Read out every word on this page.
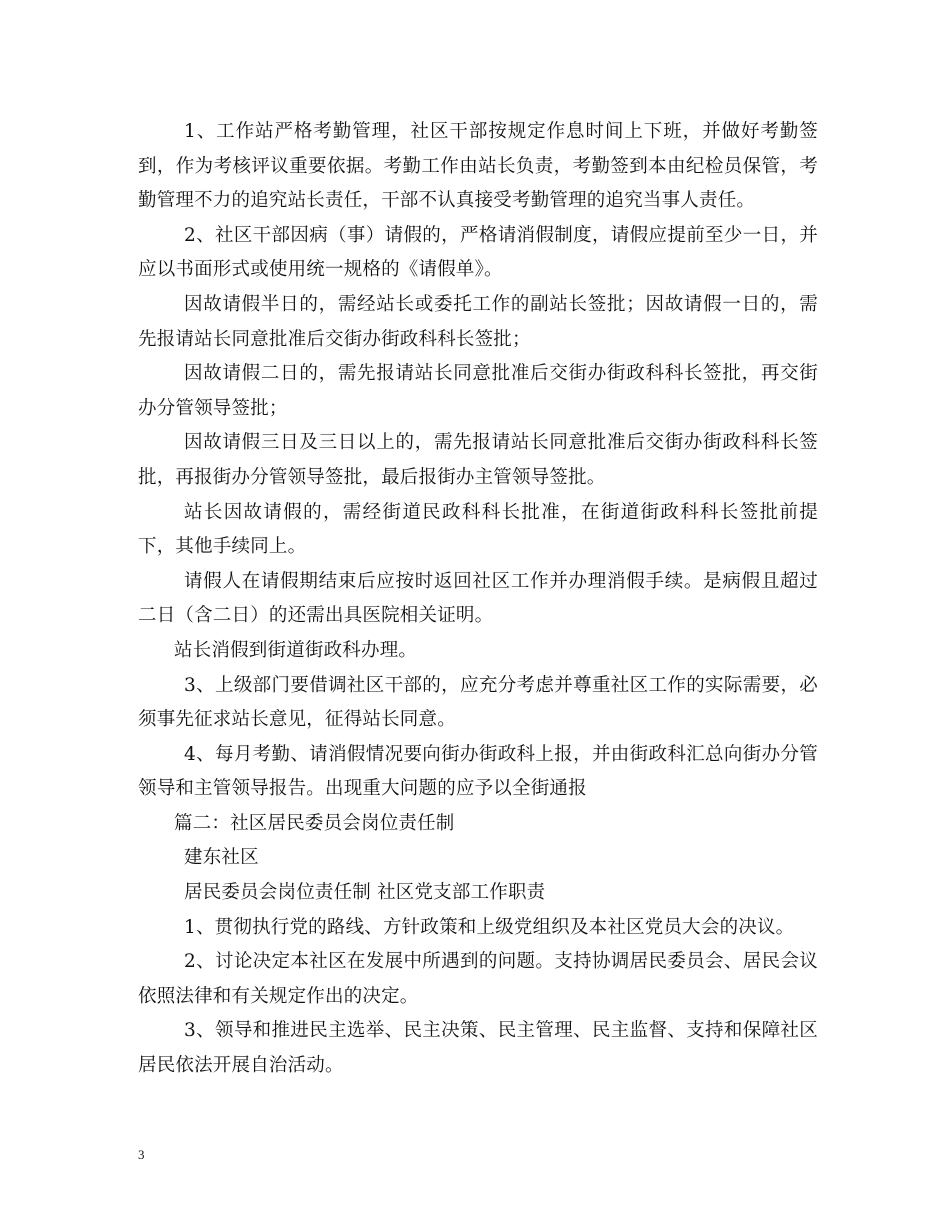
1、工作站严格考勤管理，社区干部按规定作息时间上下班，并做好考勤签到，作为考核评议重要依据。考勤工作由站长负责，考勤签到本由纪检员保管，考勤管理不力的追究站长责任，干部不认真接受考勤管理的追究当事人责任。

2、社区干部因病（事）请假的，严格请消假制度，请假应提前至少一日，并应以书面形式或使用统一规格的《请假单》。

因故请假半日的，需经站长或委托工作的副站长签批；因故请假一日的，需先报请站长同意批准后交街办街政科科长签批；

因故请假二日的，需先报请站长同意批准后交街办街政科科长签批，再交街办分管领导签批；

因故请假三日及三日以上的，需先报请站长同意批准后交街办街政科科长签批，再报街办分管领导签批，最后报街办主管领导签批。

站长因故请假的，需经街道民政科科长批准，在街道街政科科长签批前提下，其他手续同上。

请假人在请假期结束后应按时返回社区工作并办理消假手续。是病假且超过二日（含二日）的还需出具医院相关证明。

站长消假到街道街政科办理。

3、上级部门要借调社区干部的，应充分考虑并尊重社区工作的实际需要，必须事先征求站长意见，征得站长同意。

4、每月考勤、请消假情况要向街办街政科上报，并由街政科汇总向街办分管领导和主管领导报告。出现重大问题的应予以全街通报

篇二：社区居民委员会岗位责任制

建东社区

居民委员会岗位责任制 社区党支部工作职责

1、贯彻执行党的路线、方针政策和上级党组织及本社区党员大会的决议。

2、讨论决定本社区在发展中所遇到的问题。支持协调居民委员会、居民会议依照法律和有关规定作出的决定。

3、领导和推进民主选举、民主决策、民主管理、民主监督、支持和保障社区居民依法开展自治活动。

3
